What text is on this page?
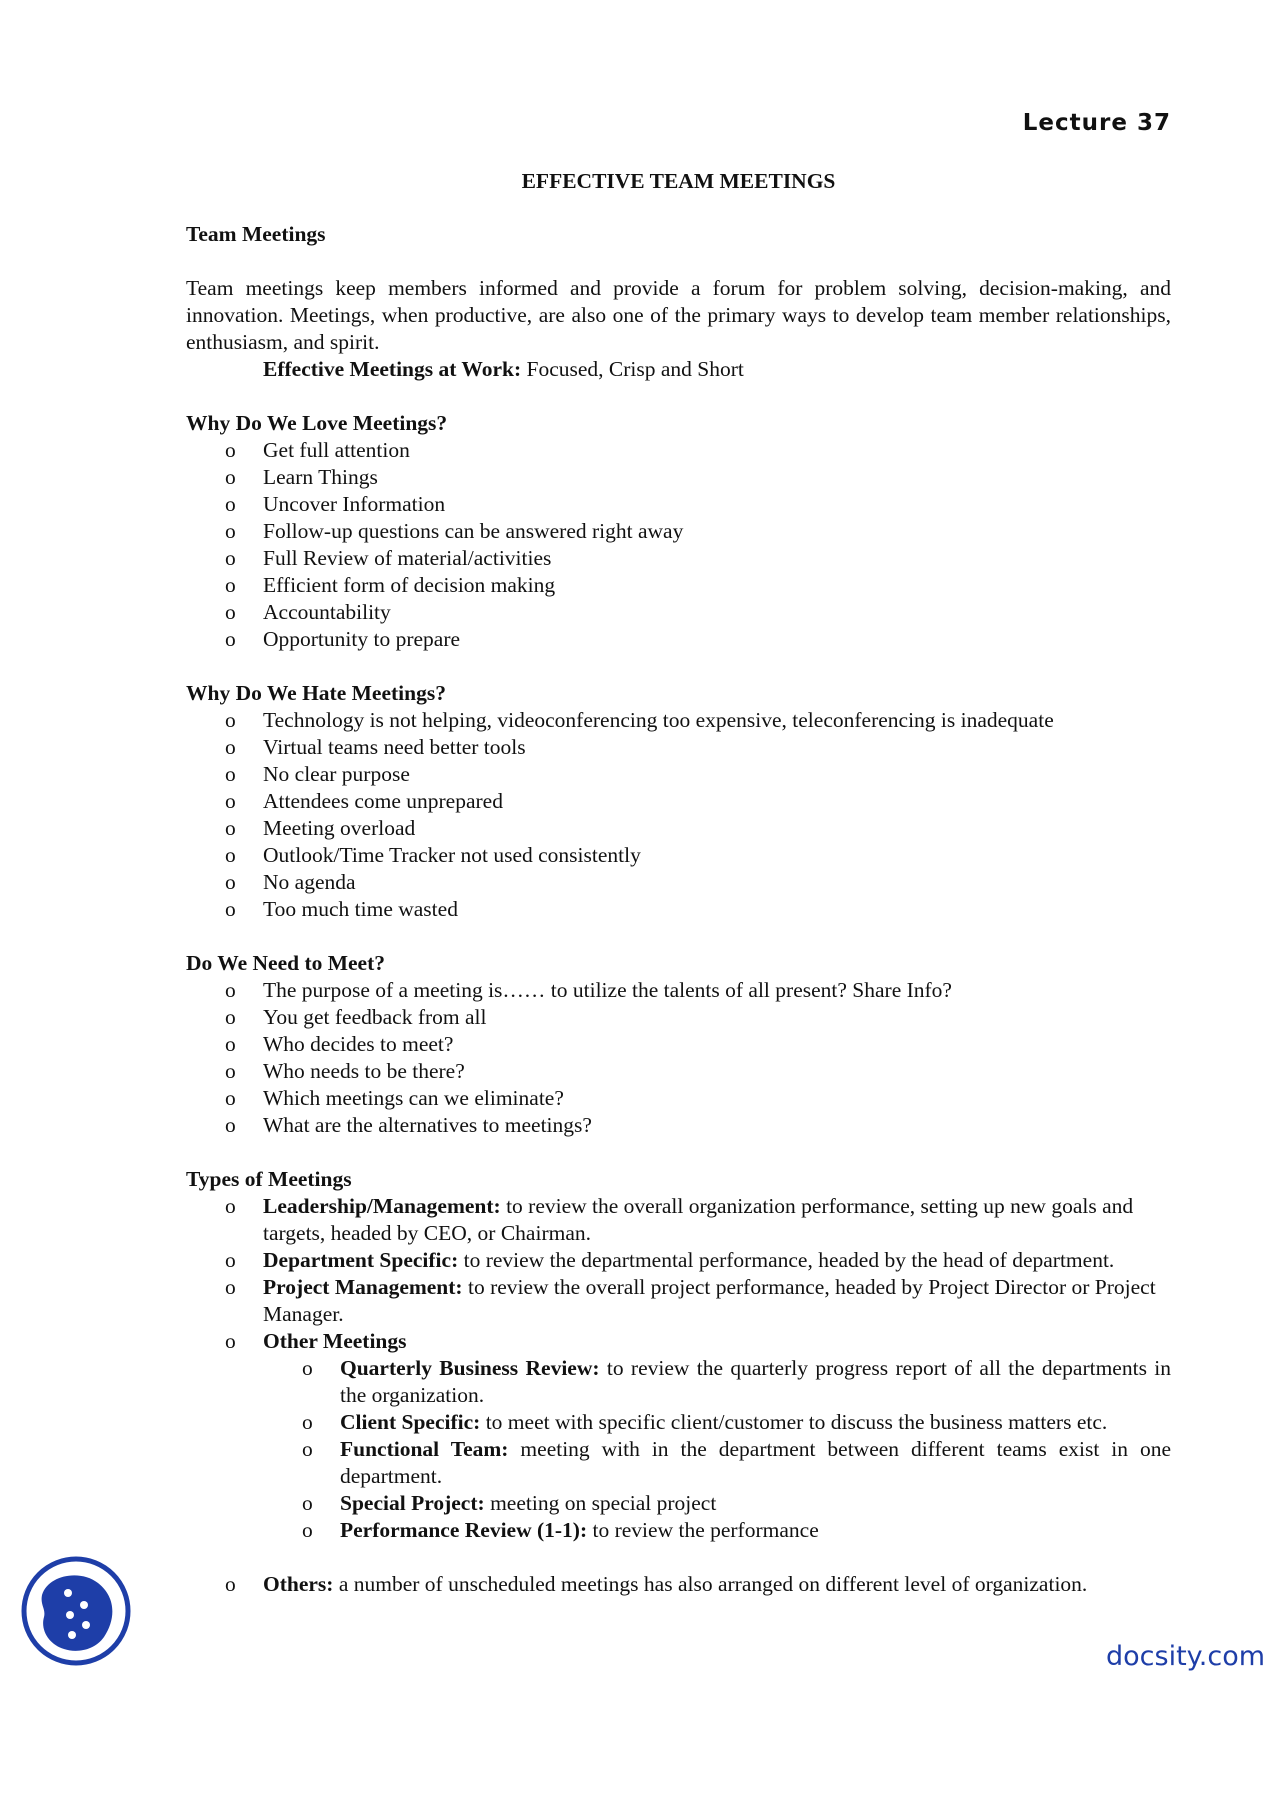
Lecture 37
EFFECTIVE TEAM MEETINGS
Team Meetings

Team meetings keep members informed and provide a forum for problem solving, decision-making, and innovation. Meetings, when productive, are also one of the primary ways to develop team member relationships, enthusiasm, and spirit.

Effective Meetings at Work: Focused, Crisp and Short
Why Do We Love Meetings?
o Get full attention
o Learn Things
o Uncover Information
o Follow-up questions can be answered right away
o Full Review of material/activities
o Efficient form of decision making
o Accountability
o Opportunity to prepare
Why Do We Hate Meetings?
o Technology is not helping, videoconferencing too expensive, teleconferencing is inadequate
o Virtual teams need better tools
o No clear purpose
o Attendees come unprepared
o Meeting overload
o Outlook/Time Tracker not used consistently
o No agenda
o Too much time wasted
Do We Need to Meet?
o The purpose of a meeting is…… to utilize the talents of all present? Share Info?
o You get feedback from all
o Who decides to meet?
o Who needs to be there?
o Which meetings can we eliminate?
o What are the alternatives to meetings?
Types of Meetings
o Leadership/Management: to review the overall organization performance, setting up new goals and targets, headed by CEO, or Chairman.
o Department Specific: to review the departmental performance, headed by the head of department.
o Project Management: to review the overall project performance, headed by Project Director or Project Manager.
o Other Meetings
o Quarterly Business Review: to review the quarterly progress report of all the departments in the organization.
o Client Specific: to meet with specific client/customer to discuss the business matters etc.
o Functional Team: meeting with in the department between different teams exist in one department.
o Special Project: meeting on special project
o Performance Review (1-1): to review the performance
o Others: a number of unscheduled meetings has also arranged on different level of organization.
docsity.com
